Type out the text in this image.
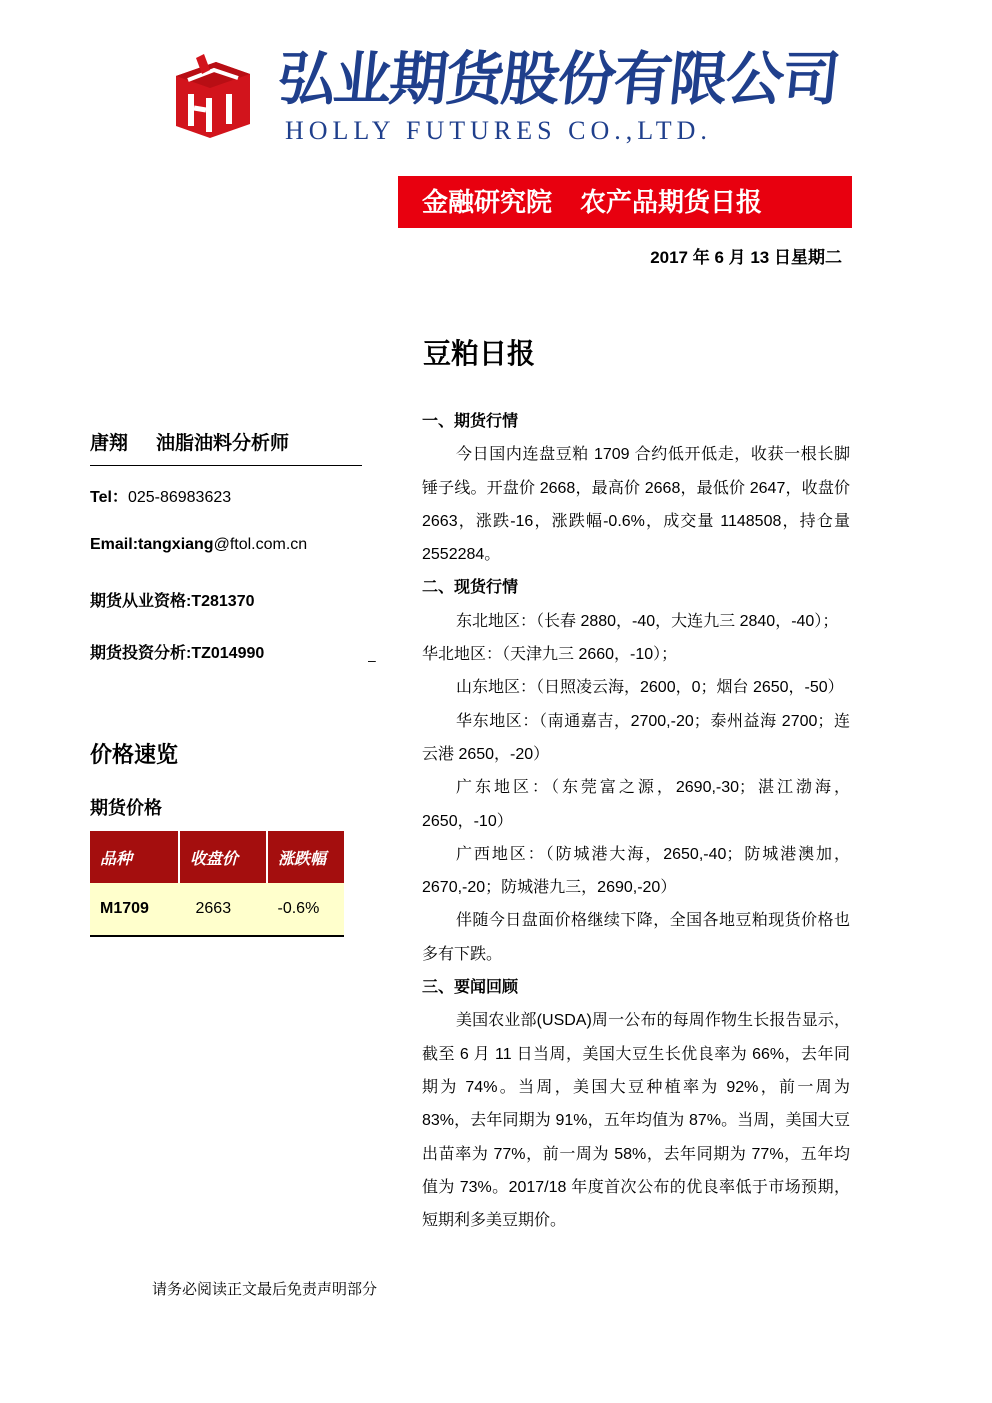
弘业期货股份有限公司
HOLLY FUTURES CO.,LTD.
金融研究院 农产品期货日报
2017 年 6 月 13 日星期二
豆粕日报
唐翔 油脂油料分析师
Tel：025-86983623
Email:tangxiang@ftol.com.cn
期货从业资格:T281370
期货投资分析:TZ014990	–
价格速览
期货价格
品种	收盘价	涨跌幅
M1709	2663	-0.6%

一、期货行情

今日国内连盘豆粕 1709 合约低开低走，收获一根长脚锤子线。开盘价 2668，最高价 2668，最低价 2647，收盘价 2663，涨跌-16，涨跌幅-0.6%，成交量 1148508，持仓量 2552284。

二、现货行情

东北地区：（长春 2880，-40，大连九三 2840，-40）；

华北地区：（天津九三 2660，-10）；

山东地区：（日照凌云海，2600，0；烟台 2650，-50）

华东地区：（南通嘉吉，2700,-20；泰州益海 2700；连云港 2650，-20）

广东地区：（东莞富之源，2690,-30；湛江渤海，2650，-10）

广西地区：（防城港大海，2650,-40；防城港澳加，2670,-20；防城港九三，2690,-20）

伴随今日盘面价格继续下降，全国各地豆粕现货价格也多有下跌。

三、要闻回顾

美国农业部(USDA)周一公布的每周作物生长报告显示，截至 6 月 11 日当周，美国大豆生长优良率为 66%，去年同期为 74%。当周，美国大豆种植率为 92%，前一周为 83%，去年同期为 91%，五年均值为 87%。当周，美国大豆出苗率为 77%，前一周为 58%，去年同期为 77%，五年均值为 73%。2017/18 年度首次公布的优良率低于市场预期，短期利多美豆期价。

请务必阅读正文最后免责声明部分
